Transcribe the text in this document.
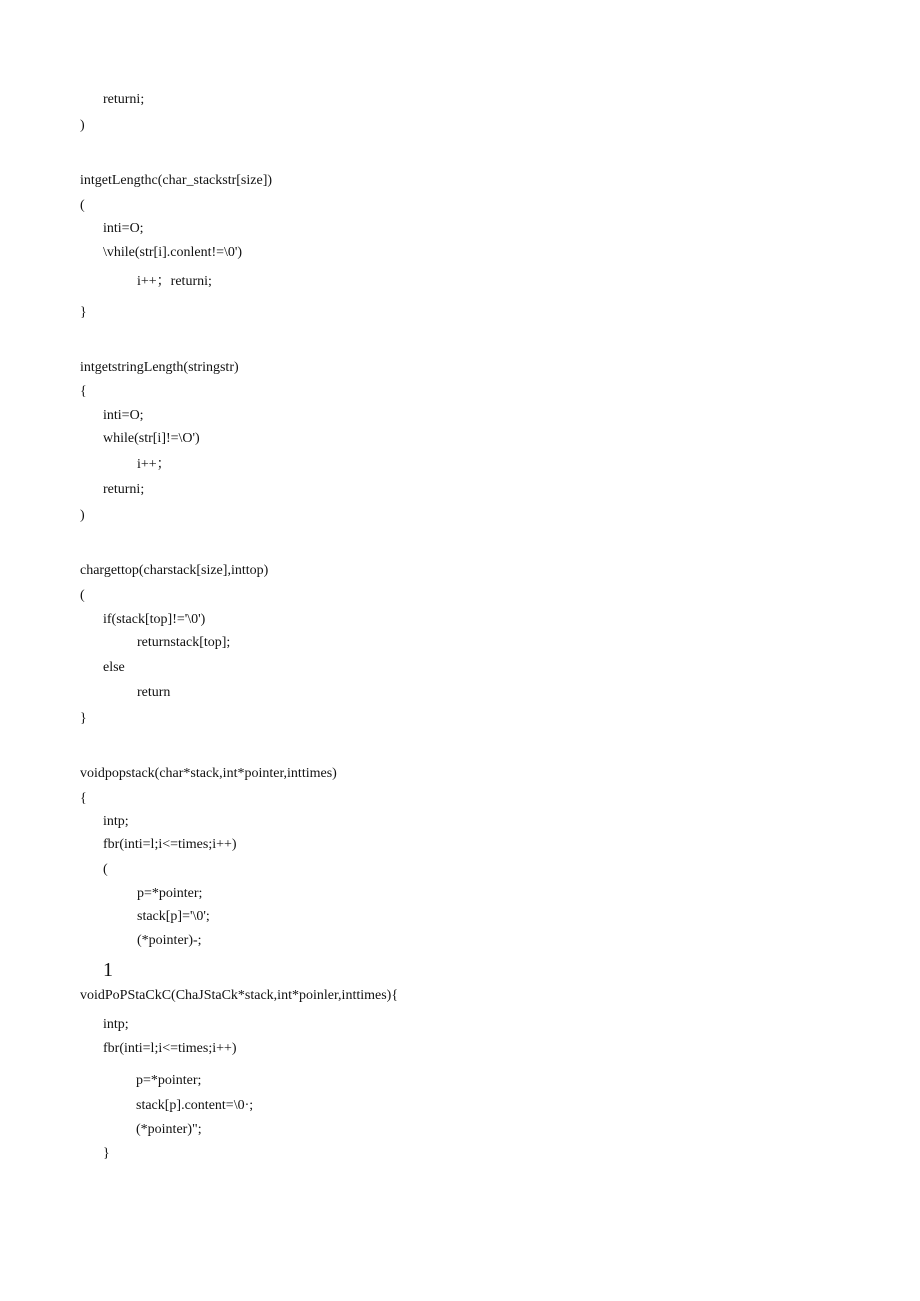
returni;
)
intgetLengthc(char_stackstr[size])
(
inti=O;
\vhile(str[i].conlent!=\0')
i++；returni;
}
intgetstringLength(stringstr)
{
inti=O;
while(str[i]!=\O')
i++；
returni;
)
chargettop(charstack[size],inttop)
(
if(stack[top]!='\0')
returnstack[top];
else
return
}
voidpopstack(char*stack,int*pointer,inttimes)
{
intp;
fbr(inti=l;i<=times;i++)
(
p=*pointer;
stack[p]='\0';
(*pointer)-;
1
voidPoPStaCkC(ChaJStaCk*stack,int*poinler,inttimes){
intp;
fbr(inti=l;i<=times;i++)
p=*pointer;
stack[p].content=\0·;
(*pointer)";
}
